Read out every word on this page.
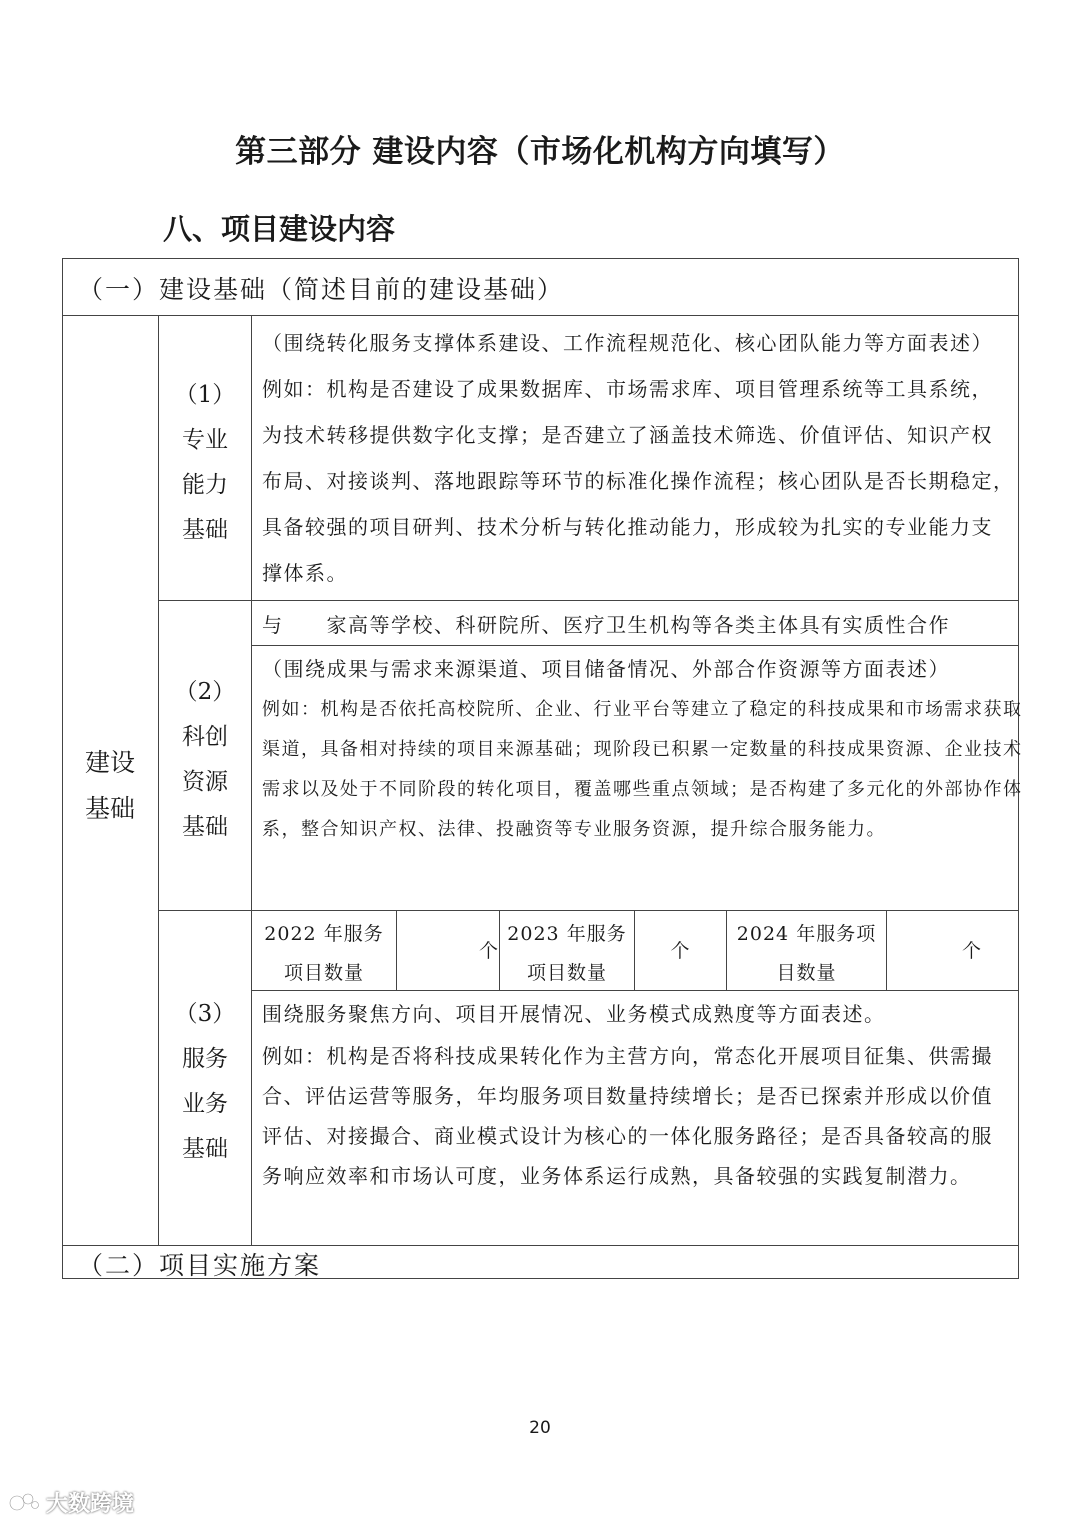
第三部分 建设内容（市场化机构方向填写）
八、项目建设内容
（一）建设基础（简述目前的建设基础）
建设
基础
（1）
专业
能力
基础
（围绕转化服务支撑体系建设、工作流程规范化、核心团队能力等方面表述）
例如：机构是否建设了成果数据库、市场需求库、项目管理系统等工具系统，
为技术转移提供数字化支撑；是否建立了涵盖技术筛选、价值评估、知识产权
布局、对接谈判、落地跟踪等环节的标准化操作流程；核心团队是否长期稳定，
具备较强的项目研判、技术分析与转化推动能力，形成较为扎实的专业能力支
撑体系。
（2）
科创
资源
基础
与　　家高等学校、科研院所、医疗卫生机构等各类主体具有实质性合作
（围绕成果与需求来源渠道、项目储备情况、外部合作资源等方面表述）
例如：机构是否依托高校院所、企业、行业平台等建立了稳定的科技成果和市场需求获取
渠道，具备相对持续的项目来源基础；现阶段已积累一定数量的科技成果资源、企业技术
需求以及处于不同阶段的转化项目，覆盖哪些重点领域；是否构建了多元化的外部协作体
系，整合知识产权、法律、投融资等专业服务资源，提升综合服务能力。
（3）
服务
业务
基础
2022 年服务
项目数量
个
2023 年服务
项目数量
个
2024 年服务项
目数量
个
围绕服务聚焦方向、项目开展情况、业务模式成熟度等方面表述。
例如：机构是否将科技成果转化作为主营方向，常态化开展项目征集、供需撮
合、评估运营等服务，年均服务项目数量持续增长；是否已探索并形成以价值
评估、对接撮合、商业模式设计为核心的一体化服务路径；是否具备较高的服
务响应效率和市场认可度，业务体系运行成熟，具备较强的实践复制潜力。
（二）项目实施方案
20
大数跨境
